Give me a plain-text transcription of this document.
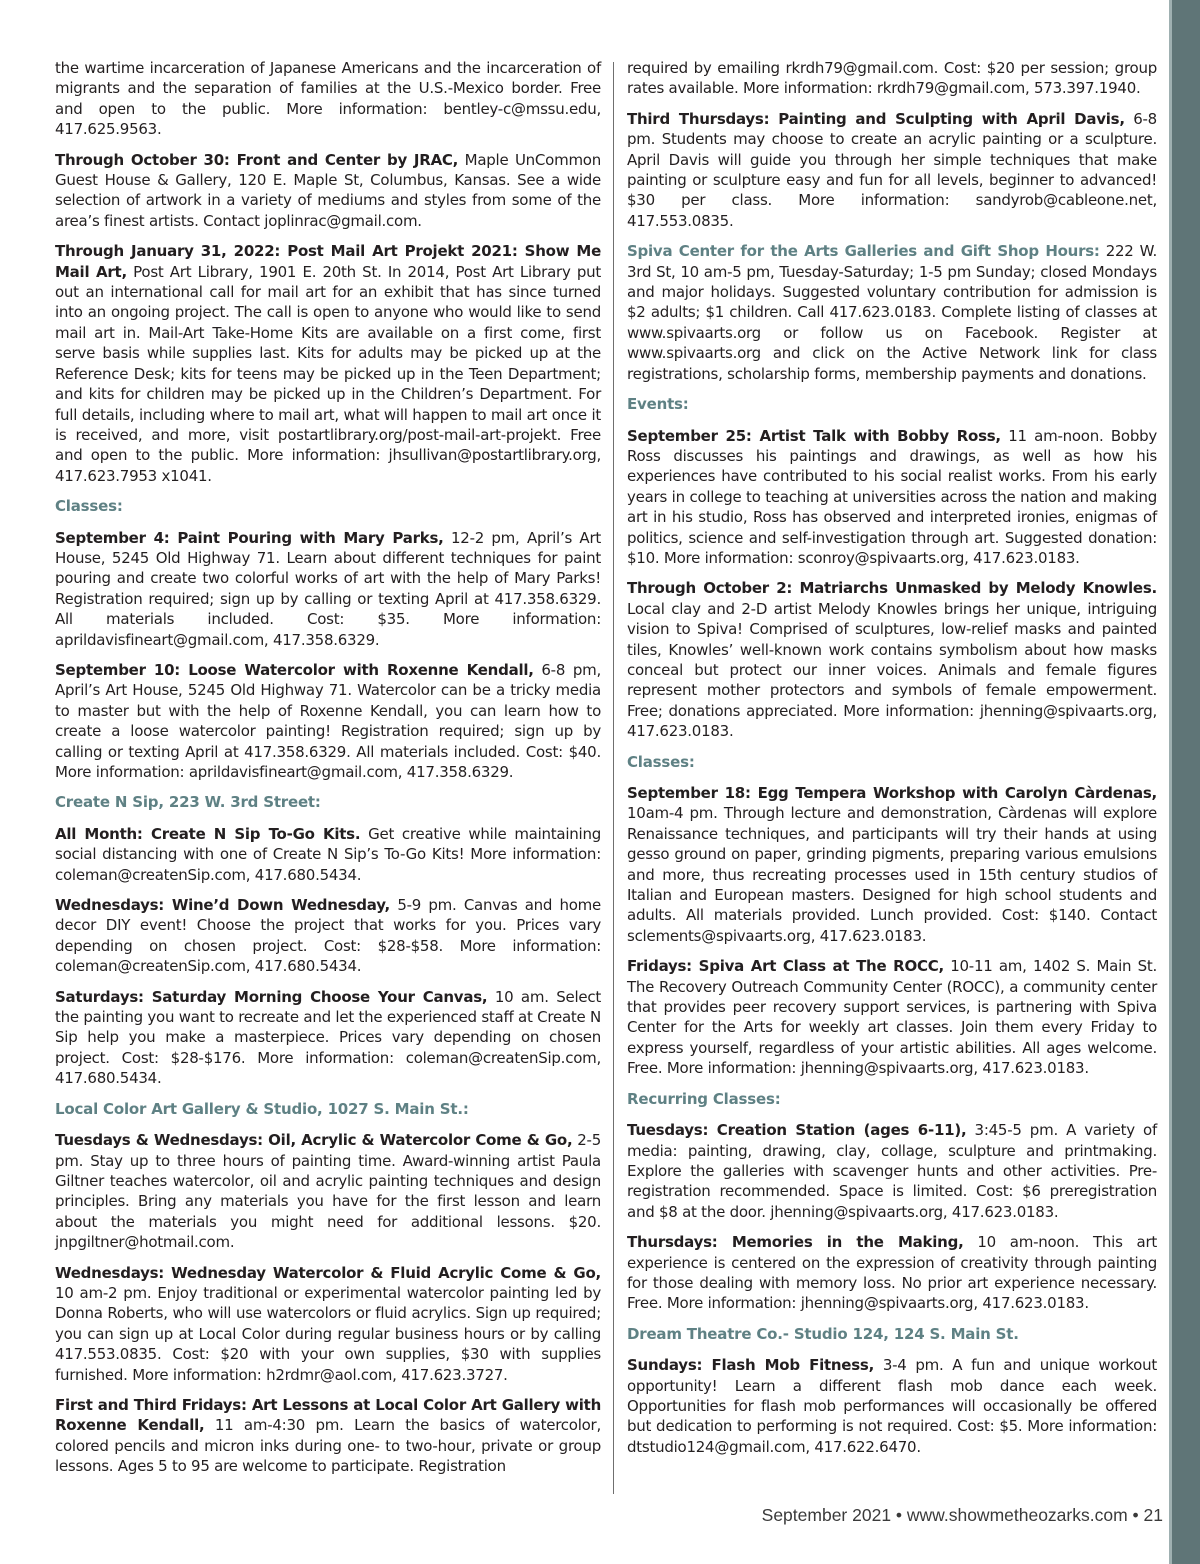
the wartime incarceration of Japanese Americans and the incarceration of migrants and the separation of families at the U.S.-Mexico border. Free and open to the public. More information: bentley-c@mssu.edu, 417.625.9563.

Through October 30: Front and Center by JRAC, Maple UnCommon Guest House & Gallery, 120 E. Maple St, Columbus, Kansas. See a wide selection of artwork in a variety of mediums and styles from some of the area’s finest artists. Contact joplinrac@gmail.com.

Through January 31, 2022: Post Mail Art Projekt 2021: Show Me Mail Art, Post Art Library, 1901 E. 20th St. In 2014, Post Art Library put out an international call for mail art for an exhibit that has since turned into an ongoing project. The call is open to anyone who would like to send mail art in. Mail-Art Take-Home Kits are available on a first come, first serve basis while supplies last. Kits for adults may be picked up at the Reference Desk; kits for teens may be picked up in the Teen Department; and kits for children may be picked up in the Children’s Department. For full details, including where to mail art, what will happen to mail art once it is received, and more, visit postartlibrary.org/post-mail-art-projekt. Free and open to the public. More information: jhsullivan@postartlibrary.org, 417.623.7953 x1041.

Classes:

September 4: Paint Pouring with Mary Parks, 12-2 pm, April’s Art House, 5245 Old Highway 71. Learn about different techniques for paint pouring and create two colorful works of art with the help of Mary Parks! Registration required; sign up by calling or texting April at 417.358.6329. All materials included. Cost: $35. More information: aprildavisfineart@gmail.com, 417.358.6329.

September 10: Loose Watercolor with Roxenne Kendall, 6-8 pm, April’s Art House, 5245 Old Highway 71. Watercolor can be a tricky media to master but with the help of Roxenne Kendall, you can learn how to create a loose watercolor painting! Registration required; sign up by calling or texting April at 417.358.6329. All materials included. Cost: $40. More information: aprildavisfineart@gmail.com, 417.358.6329.

Create N Sip, 223 W. 3rd Street:

All Month: Create N Sip To-Go Kits. Get creative while maintaining social distancing with one of Create N Sip’s To-Go Kits! More information: coleman@createnSip.com, 417.680.5434.

Wednesdays: Wine’d Down Wednesday, 5-9 pm. Canvas and home decor DIY event! Choose the project that works for you. Prices vary depending on chosen project. Cost: $28-$58. More information: coleman@createnSip.com, 417.680.5434.

Saturdays: Saturday Morning Choose Your Canvas, 10 am. Select the painting you want to recreate and let the experienced staff at Create N Sip help you make a masterpiece. Prices vary depending on chosen project. Cost: $28-$176. More information: coleman@createnSip.com, 417.680.5434.

Local Color Art Gallery & Studio, 1027 S. Main St.:

Tuesdays & Wednesdays: Oil, Acrylic & Watercolor Come & Go, 2-5 pm. Stay up to three hours of painting time. Award-winning artist Paula Giltner teaches watercolor, oil and acrylic painting techniques and design principles. Bring any materials you have for the first lesson and learn about the materials you might need for additional lessons. $20. jnpgiltner@hotmail.com.

Wednesdays: Wednesday Watercolor & Fluid Acrylic Come & Go, 10 am-2 pm. Enjoy traditional or experimental watercolor painting led by Donna Roberts, who will use watercolors or fluid acrylics. Sign up required; you can sign up at Local Color during regular business hours or by calling 417.553.0835. Cost: $20 with your own supplies, $30 with supplies furnished. More information: h2rdmr@aol.com, 417.623.3727.

First and Third Fridays: Art Lessons at Local Color Art Gallery with Roxenne Kendall, 11 am-4:30 pm. Learn the basics of watercolor, colored pencils and micron inks during one- to two-hour, private or group lessons. Ages 5 to 95 are welcome to participate. Registration

required by emailing rkrdh79@gmail.com. Cost: $20 per session; group rates available. More information: rkrdh79@gmail.com, 573.397.1940.

Third Thursdays: Painting and Sculpting with April Davis, 6-8 pm. Students may choose to create an acrylic painting or a sculpture. April Davis will guide you through her simple techniques that make painting or sculpture easy and fun for all levels, beginner to advanced! $30 per class. More information: sandyrob@cableone.net, 417.553.0835.

Spiva Center for the Arts Galleries and Gift Shop Hours: 222 W. 3rd St, 10 am-5 pm, Tuesday-Saturday; 1-5 pm Sunday; closed Mondays and major holidays. Suggested voluntary contribution for admission is $2 adults; $1 children. Call 417.623.0183. Complete listing of classes at www.spivaarts.org or follow us on Facebook. Register at www.spivaarts.org and click on the Active Network link for class registrations, scholarship forms, membership payments and donations.

Events:

September 25: Artist Talk with Bobby Ross, 11 am-noon. Bobby Ross discusses his paintings and drawings, as well as how his experiences have contributed to his social realist works. From his early years in college to teaching at universities across the nation and making art in his studio, Ross has observed and interpreted ironies, enigmas of politics, science and self-investigation through art. Suggested donation: $10. More information: sconroy@spivaarts.org, 417.623.0183.

Through October 2: Matriarchs Unmasked by Melody Knowles. Local clay and 2-D artist Melody Knowles brings her unique, intriguing vision to Spiva! Comprised of sculptures, low-relief masks and painted tiles, Knowles’ well-known work contains symbolism about how masks conceal but protect our inner voices. Animals and female figures represent mother protectors and symbols of female empowerment. Free; donations appreciated. More information: jhenning@spivaarts.org, 417.623.0183.

Classes:

September 18: Egg Tempera Workshop with Carolyn Càrdenas, 10am-4 pm. Through lecture and demonstration, Càrdenas will explore Renaissance techniques, and participants will try their hands at using gesso ground on paper, grinding pigments, preparing various emulsions and more, thus recreating processes used in 15th century studios of Italian and European masters. Designed for high school students and adults. All materials provided. Lunch provided. Cost: $140. Contact sclements@spivaarts.org, 417.623.0183.

Fridays: Spiva Art Class at The ROCC, 10-11 am, 1402 S. Main St. The Recovery Outreach Community Center (ROCC), a community center that provides peer recovery support services, is partnering with Spiva Center for the Arts for weekly art classes. Join them every Friday to express yourself, regardless of your artistic abilities. All ages welcome. Free. More information: jhenning@spivaarts.org, 417.623.0183.

Recurring Classes:

Tuesdays: Creation Station (ages 6-11), 3:45-5 pm. A variety of media: painting, drawing, clay, collage, sculpture and printmaking. Explore the galleries with scavenger hunts and other activities. Pre-registration recommended. Space is limited. Cost: $6 preregistration and $8 at the door. jhenning@spivaarts.org, 417.623.0183.

Thursdays: Memories in the Making, 10 am-noon. This art experience is centered on the expression of creativity through painting for those dealing with memory loss. No prior art experience necessary. Free. More information: jhenning@spivaarts.org, 417.623.0183.

Dream Theatre Co.- Studio 124, 124 S. Main St.

Sundays: Flash Mob Fitness, 3-4 pm. A fun and unique workout opportunity! Learn a different flash mob dance each week. Opportunities for flash mob performances will occasionally be offered but dedication to performing is not required. Cost: $5. More information: dtstudio124@gmail.com, 417.622.6470.

September 2021 • www.showmetheozarks.com • 21
